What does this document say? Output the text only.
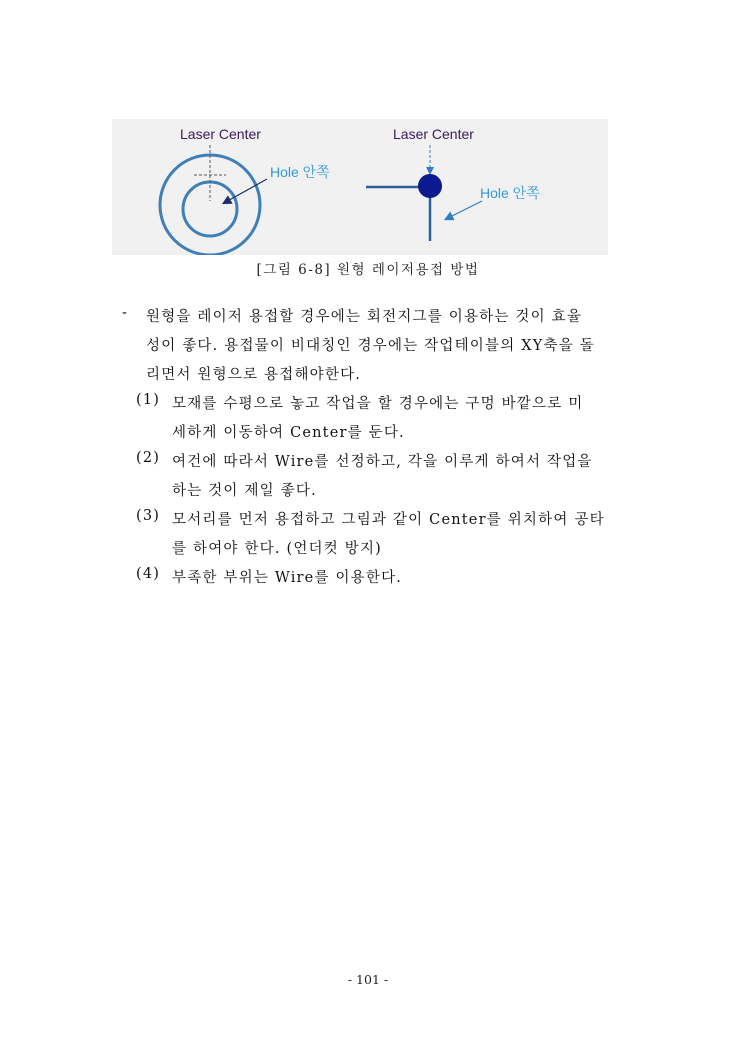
Laser Center
Hole 안쪽
Laser Center
Hole 안쪽
[그림 6-8] 원형 레이저용접 방법
- 원형을 레이저 용접할 경우에는 회전지그를 이용하는 것이 효율
성이 좋다. 용접물이 비대칭인 경우에는 작업테이블의 XY축을 돌
리면서 원형으로 용접해야한다.
(1) 모재를 수평으로 놓고 작업을 할 경우에는 구멍 바깥으로 미
세하게 이동하여 Center를 둔다.
(2) 여건에 따라서 Wire를 선정하고, 각을 이루게 하여서 작업을
하는 것이 제일 좋다.
(3) 모서리를 먼저 용접하고 그림과 같이 Center를 위치하여 공타
를 하여야 한다. (언더컷 방지)
(4) 부족한 부위는 Wire를 이용한다.
- 101 -
